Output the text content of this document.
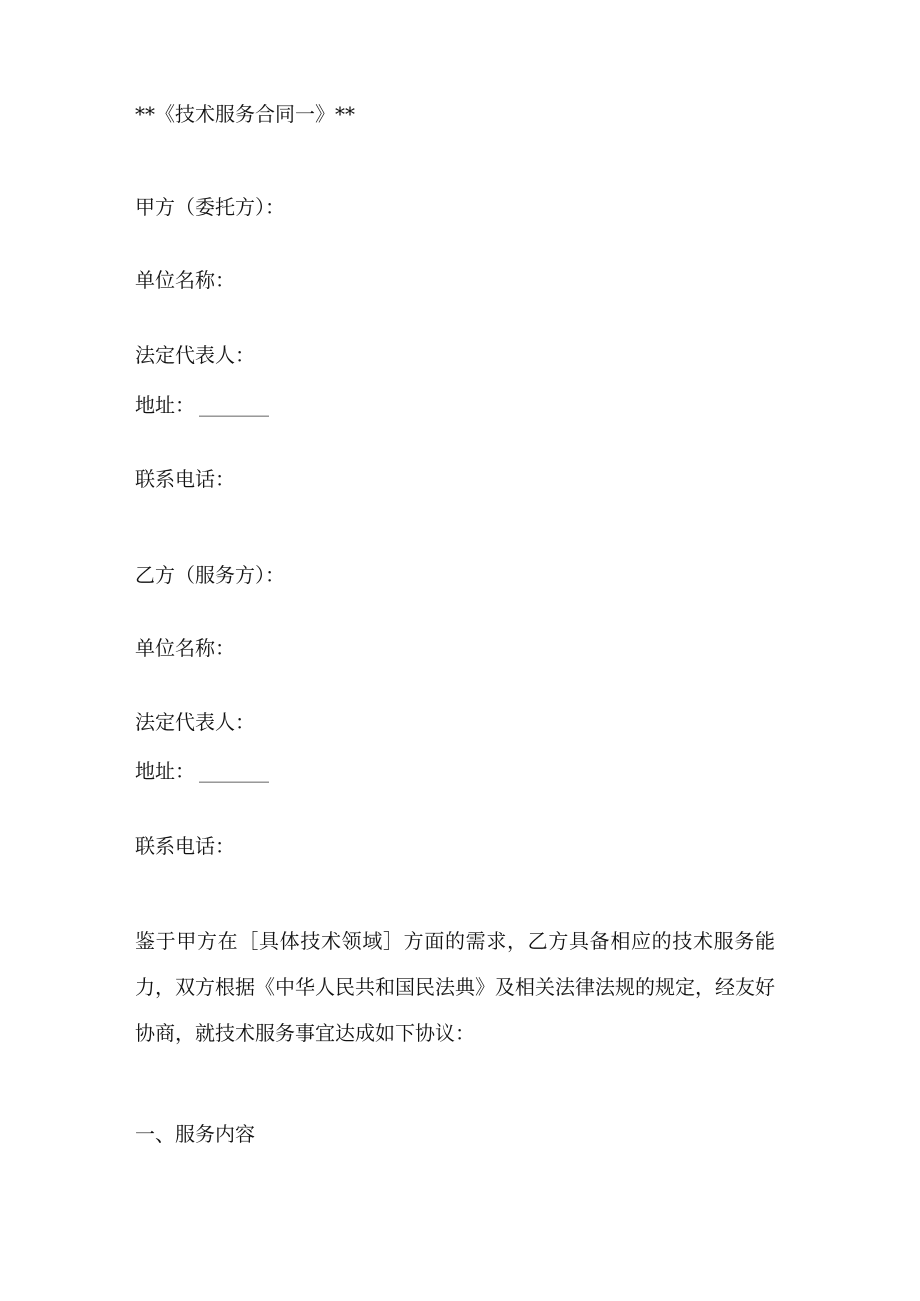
**《技术服务合同一》**
甲方（委托方）：
单位名称：
法定代表人：
地址： _______
联系电话：
乙方（服务方）：
单位名称：
法定代表人：
地址： _______
联系电话：
鉴于甲方在［具体技术领域］方面的需求，乙方具备相应的技术服务能力，双方根据《中华人民共和国民法典》及相关法律法规的规定，经友好协商，就技术服务事宜达成如下协议：
一、服务内容
